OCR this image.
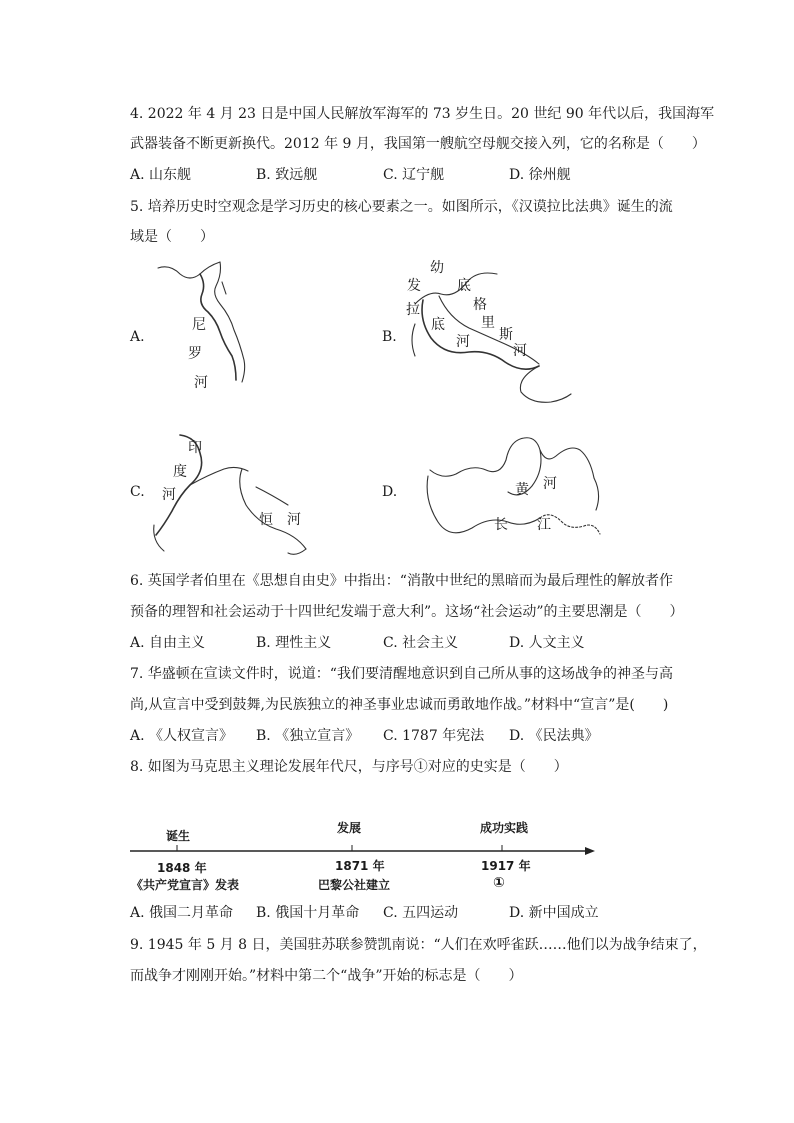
4. 2022 年 4 月 23 日是中国人民解放军海军的 73 岁生日。20 世纪 90 年代以后，我国海军
武器装备不断更新换代。2012 年 9 月，我国第一艘航空母舰交接入列，它的名称是（　　）
A. 山东舰	B. 致远舰	C. 辽宁舰	D. 徐州舰
5. 培养历史时空观念是学习历史的核心要素之一。如图所示，《汉谟拉比法典》诞生的流
域是（　　）
A.	B.
C.	D.
尼
罗
河
幼
发
拉
底
河
底
格
里
斯
河
印
度
河
恒 河
黄 河
长 江
6. 英国学者伯里在《思想自由史》中指出：“消散中世纪的黑暗而为最后理性的解放者作
预备的理智和社会运动于十四世纪发端于意大利”。这场“社会运动”的主要思潮是（　　）
A. 自由主义	B. 理性主义	C. 社会主义	D. 人文主义
7. 华盛顿在宣读文件时，说道：“我们要清醒地意识到自己所从事的这场战争的神圣与高
尚,从宣言中受到鼓舞,为民族独立的神圣事业忠诚而勇敢地作战。”材料中“宣言”是(　　)
A. 《人权宣言》 B. 《独立宣言》 C. 1787 年宪法 D. 《民法典》
8. 如图为马克思主义理论发展年代尺，与序号①对应的史实是（　　）
诞生
发展	成功实践
1848 年	1871 年	1917 年
《共产党宣言》发表	巴黎公社建立	①
A. 俄国二月革命 B. 俄国十月革命 C. 五四运动	D. 新中国成立
9. 1945 年 5 月 8 日，美国驻苏联参赞凯南说：“人们在欢呼雀跃……他们以为战争结束了，
而战争才刚刚开始。”材料中第二个“战争”开始的标志是（　　）
